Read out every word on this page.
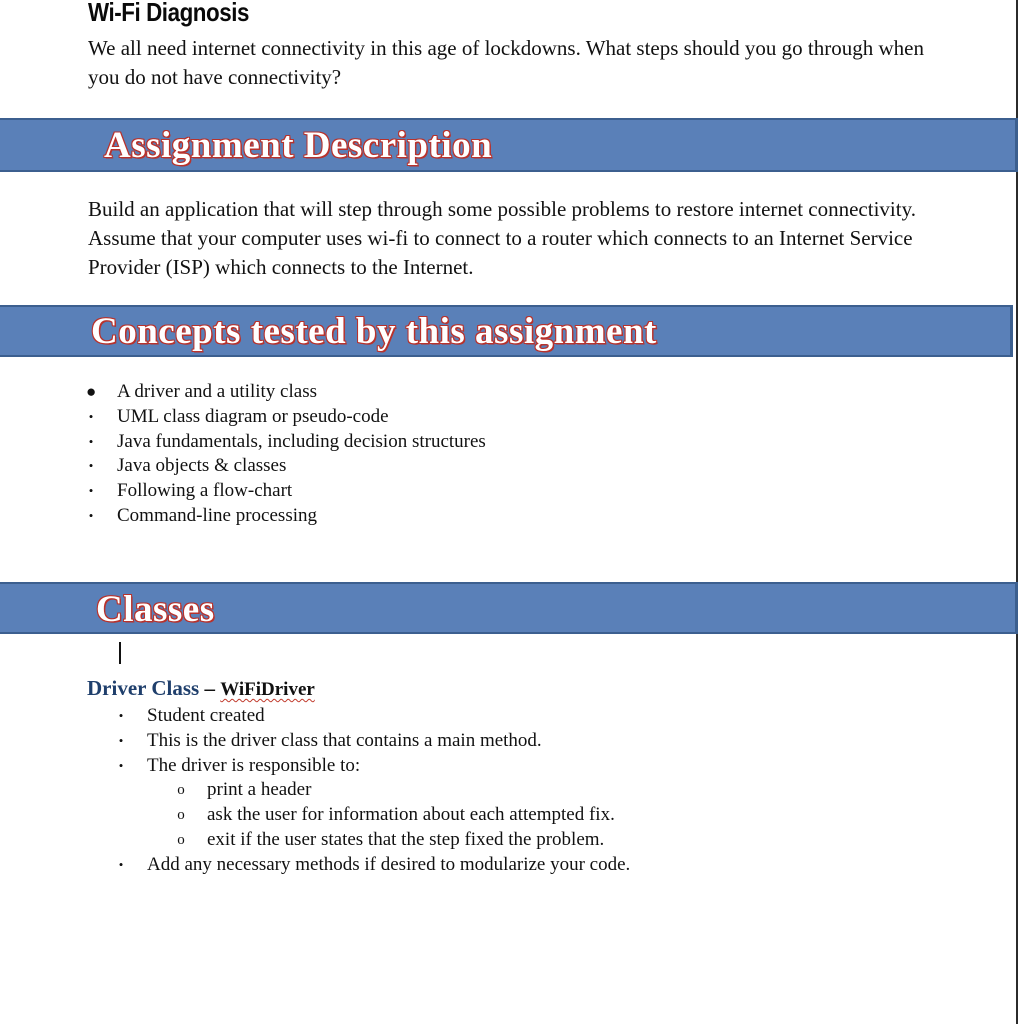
Wi-Fi Diagnosis
We all need internet connectivity in this age of lockdowns. What steps should you go through when you do not have connectivity?
Assignment Description
Build an application that will step through some possible problems to restore internet connectivity. Assume that your computer uses wi-fi to connect to a router which connects to an Internet Service Provider (ISP) which connects to the Internet.
Concepts tested by this assignment
● A driver and a utility class
• UML class diagram or pseudo-code
• Java fundamentals, including decision structures
• Java objects & classes
• Following a flow-chart
• Command-line processing
Classes
Driver Class – WiFiDriver
• Student created
• This is the driver class that contains a main method.
• The driver is responsible to:
o print a header
o ask the user for information about each attempted fix.
o exit if the user states that the step fixed the problem.
• Add any necessary methods if desired to modularize your code.
